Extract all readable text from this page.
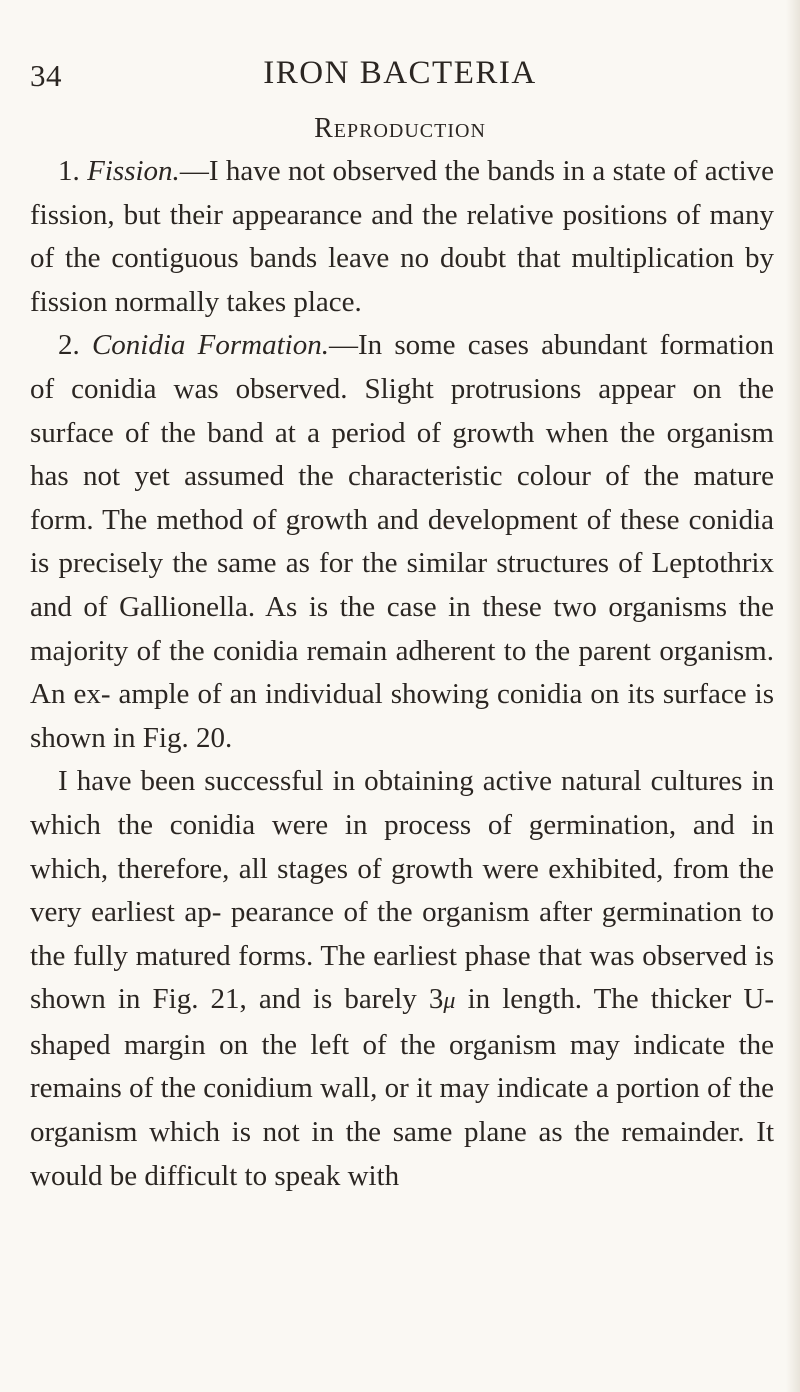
34	IRON BACTERIA
Reproduction

1. Fission.—I have not observed the bands in a state of active fission, but their appearance and the relative positions of many of the contiguous bands leave no doubt that multiplication by fission normally takes place.

2. Conidia Formation.—In some cases abundant formation of conidia was observed. Slight protrusions appear on the surface of the band at a period of growth when the organism has not yet assumed the characteristic colour of the mature form. The method of growth and development of these conidia is precisely the same as for the similar structures of Leptothrix and of Gallionella. As is the case in these two organisms the majority of the conidia remain adherent to the parent organism. An ex- ample of an individual showing conidia on its surface is shown in Fig. 20.

I have been successful in obtaining active natural cultures in which the conidia were in process of germination, and in which, therefore, all stages of growth were exhibited, from the very earliest ap- pearance of the organism after germination to the fully matured forms. The earliest phase that was observed is shown in Fig. 21, and is barely 3μ in length. The thicker U-shaped margin on the left of the organism may indicate the remains of the conidium wall, or it may indicate a portion of the organism which is not in the same plane as the remainder. It would be difficult to speak with
